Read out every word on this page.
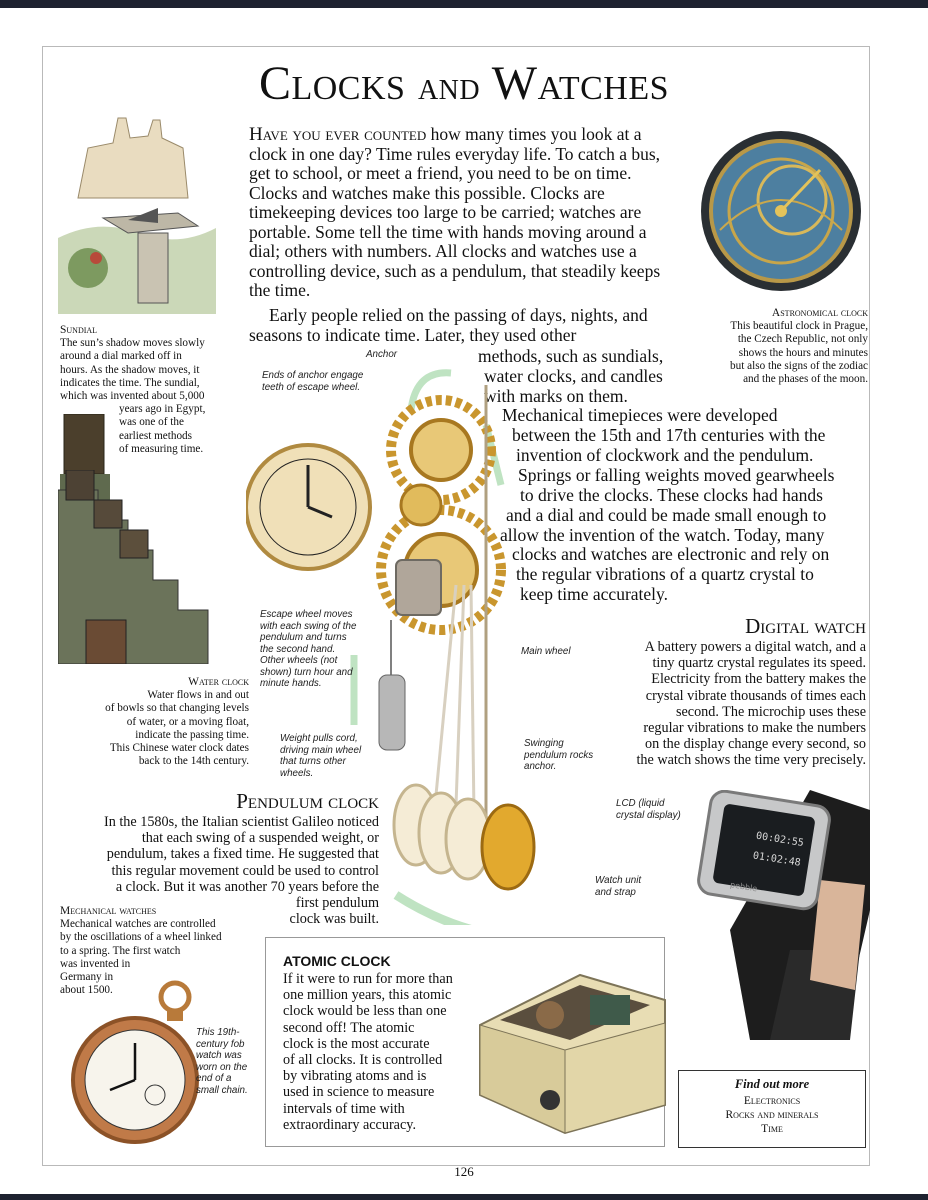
Clocks and Watches
Have you ever counted how many times you look at a clock in one day? Time rules everyday life. To catch a bus, get to school, or meet a friend, you need to be on time. Clocks and watches make this possible. Clocks are timekeeping devices too large to be carried; watches are portable. Some tell the time with hands moving around a dial; others with numbers. All clocks and watches use a controlling device, such as a pendulum, that steadily keeps the time.
Early people relied on the passing of days, nights, and seasons to indicate time. Later, they used other
methods, such as sundials,
water clocks, and candles
with marks on them.
Mechanical timepieces were developed
between the 15th and 17th centuries with the
invention of clockwork and the pendulum.
Springs or falling weights moved gearwheels
to drive the clocks. These clocks had hands
and a dial and could be made small enough to
allow the invention of the watch. Today, many
clocks and watches are electronic and rely on
the regular vibrations of a quartz crystal to
keep time accurately.
Sundial
The sun’s shadow moves slowly
around a dial marked off in
hours. As the shadow moves, it
indicates the time. The sundial,
which was invented about 5,000
years ago in Egypt,
was one of the
earliest methods
of measuring time.
Water clock
Water flows in and out
of bowls so that changing levels
of water, or a moving float,
indicate the passing time.
This Chinese water clock dates
back to the 14th century.
Astronomical clock
This beautiful clock in Prague,
the Czech Republic, not only
shows the hours and minutes
but also the signs of the zodiac
and the phases of the moon.
Anchor
Ends of anchor engage teeth of escape wheel.
Escape wheel moves with each swing of the pendulum and turns the second hand. Other wheels (not shown) turn hour and minute hands.
Main wheel
Weight pulls cord, driving main wheel that turns other wheels.
Swinging pendulum rocks anchor.
Digital watch
A battery powers a digital watch, and a
tiny quartz crystal regulates its speed.
Electricity from the battery makes the
crystal vibrate thousands of times each
second. The microchip uses these
regular vibrations to make the numbers
on the display change every second, so
the watch shows the time very precisely.
LCD (liquid crystal display)
Watch unit and strap
00:02:55
01:02:48
pebble
Pendulum clock
In the 1580s, the Italian scientist Galileo noticed
that each swing of a suspended weight, or
pendulum, takes a fixed time. He suggested that
this regular movement could be used to control
a clock. But it was another 70 years before the
first pendulum
clock was built.
Mechanical watches
Mechanical watches are controlled
by the oscillations of a wheel linked
to a spring. The first watch
was invented in
Germany in
about 1500.
This 19th-century fob watch was worn on the end of a small chain.
ATOMIC CLOCK
If it were to run for more than
one million years, this atomic
clock would be less than one
second off! The atomic
clock is the most accurate
of all clocks. It is controlled
by vibrating atoms and is
used in science to measure
intervals of time with
extraordinary accuracy.
Find out more
Electronics
Rocks and minerals
Time
126
